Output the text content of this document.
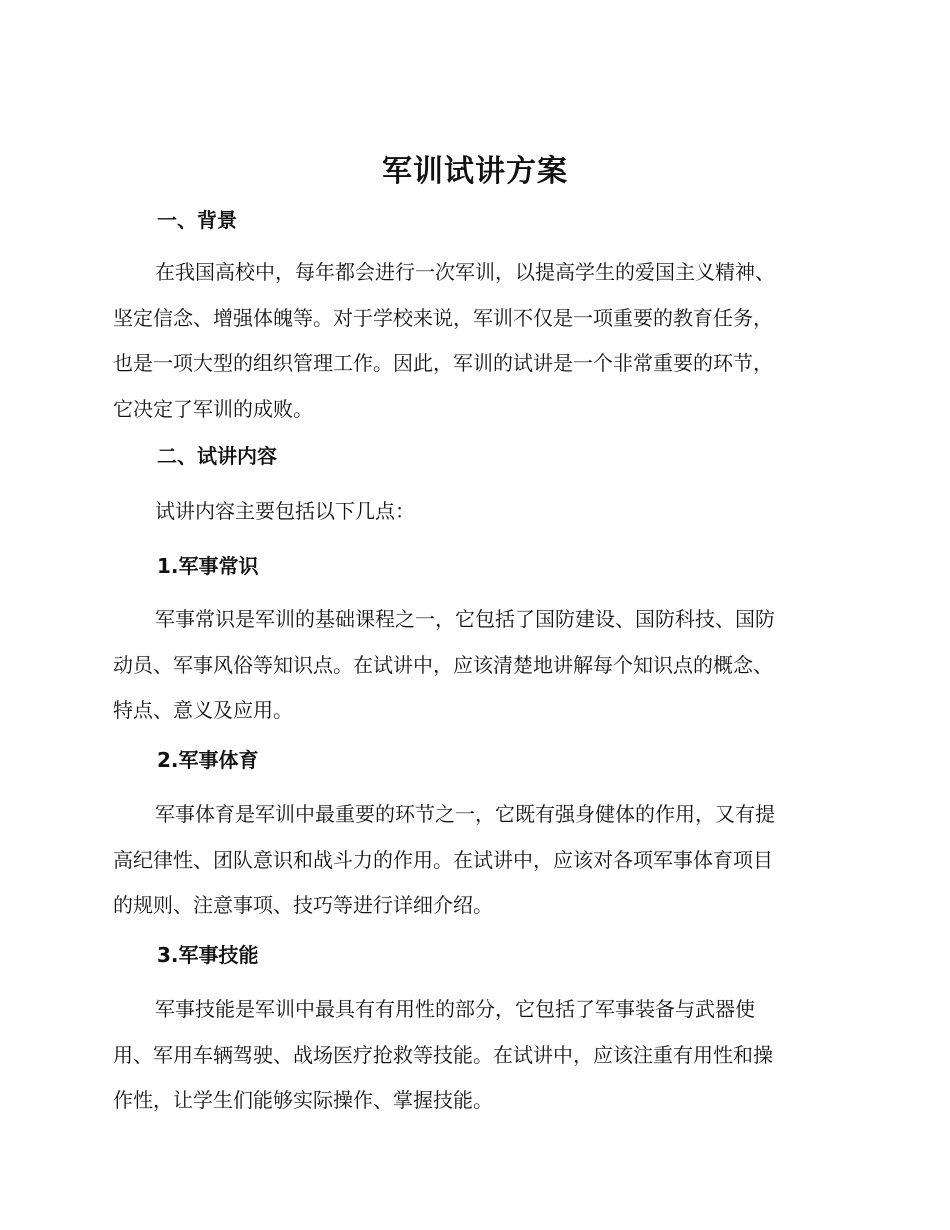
军训试讲方案
一、背景
在我国高校中，每年都会进行一次军训，以提高学生的爱国主义精神、
坚定信念、增强体魄等。对于学校来说，军训不仅是一项重要的教育任务，
也是一项大型的组织管理工作。因此，军训的试讲是一个非常重要的环节，
它决定了军训的成败。
二、试讲内容
试讲内容主要包括以下几点：
1.军事常识
军事常识是军训的基础课程之一，它包括了国防建设、国防科技、国防
动员、军事风俗等知识点。在试讲中，应该清楚地讲解每个知识点的概念、
特点、意义及应用。
2.军事体育
军事体育是军训中最重要的环节之一，它既有强身健体的作用，又有提
高纪律性、团队意识和战斗力的作用。在试讲中，应该对各项军事体育项目
的规则、注意事项、技巧等进行详细介绍。
3.军事技能
军事技能是军训中最具有有用性的部分，它包括了军事装备与武器使
用、军用车辆驾驶、战场医疗抢救等技能。在试讲中，应该注重有用性和操
作性，让学生们能够实际操作、掌握技能。
